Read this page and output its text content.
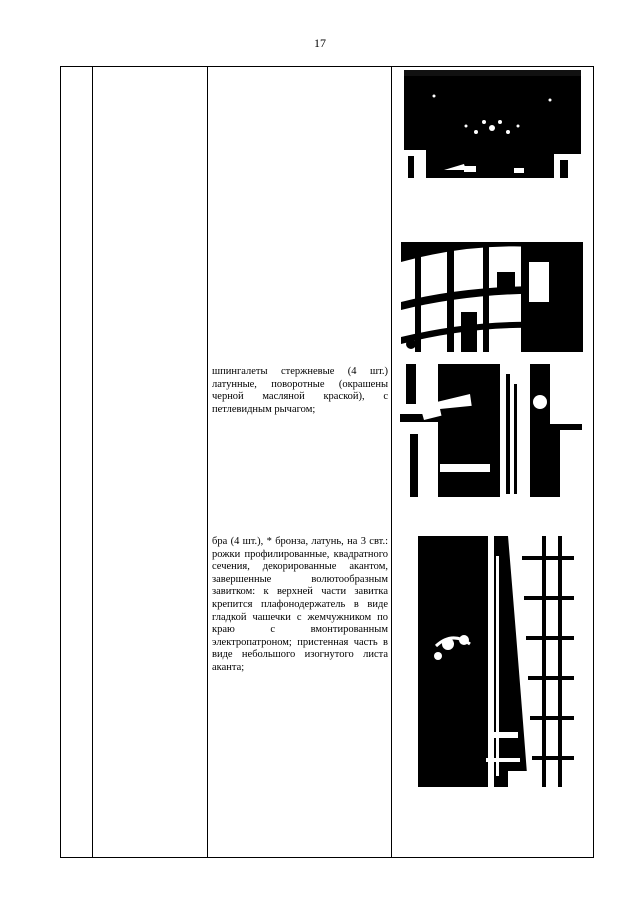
17
шпингалеты стержневые (4 шт.) латунные, поворотные (окрашены черной масляной краской), с петлевидным рычагом;
бра (4 шт.), * бронза, латунь, на 3 свт.: рожки профилированные, квадратного сечения, декорированные акантом, завершенные волютообразным завитком: к верхней части завитка крепится плафонодержатель в виде гладкой чашечки с жемчужником по краю с вмонтированным электропатроном; пристенная часть в виде небольшого изогнутого листа аканта;
